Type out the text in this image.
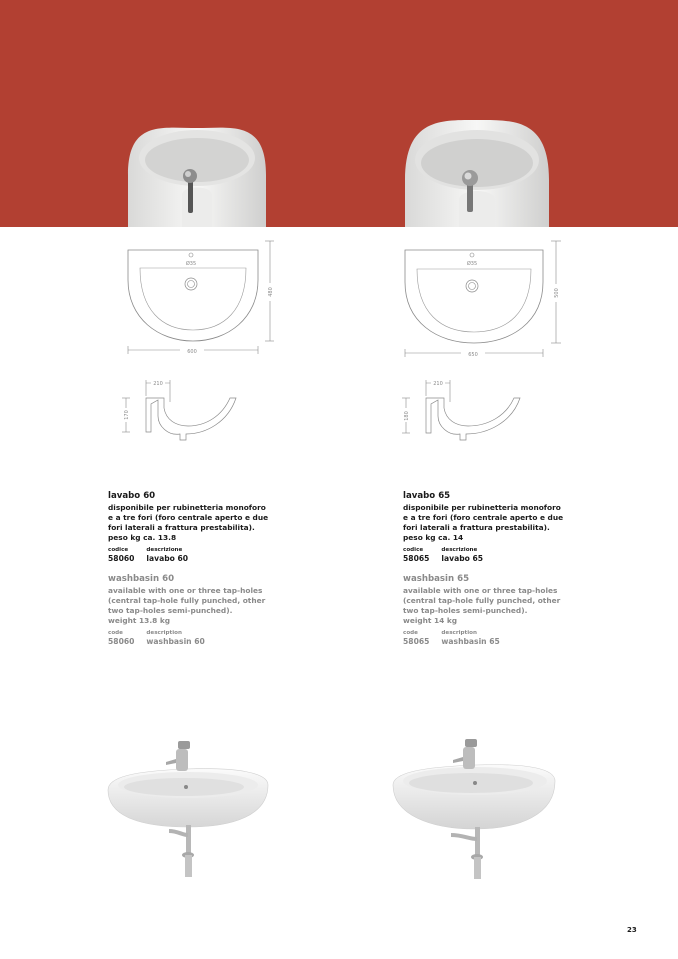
Ø35
600
480
Ø35
650
500
210
170
210
180

lavabo 60

disponibile per rubinetteria monoforo

e a tre fori (foro centrale aperto e due

fori laterali a frattura prestabilita).

peso kg ca. 13.8

codice
58060
descrizione
lavabo 60

washbasin 60

available with one or three tap-holes

(central tap-hole fully punched, other

two tap-holes semi-punched).

weight 13.8 kg

code
58060
description
washbasin 60

lavabo 65

disponibile per rubinetteria monoforo

e a tre fori (foro centrale aperto e due

fori laterali a frattura prestabilita).

peso kg ca. 14

codice
58065
descrizione
lavabo 65

washbasin 65

available with one or three tap-holes

(central tap-hole fully punched, other

two tap-holes semi-punched).

weight 14 kg

code
58065
description
washbasin 65
23
